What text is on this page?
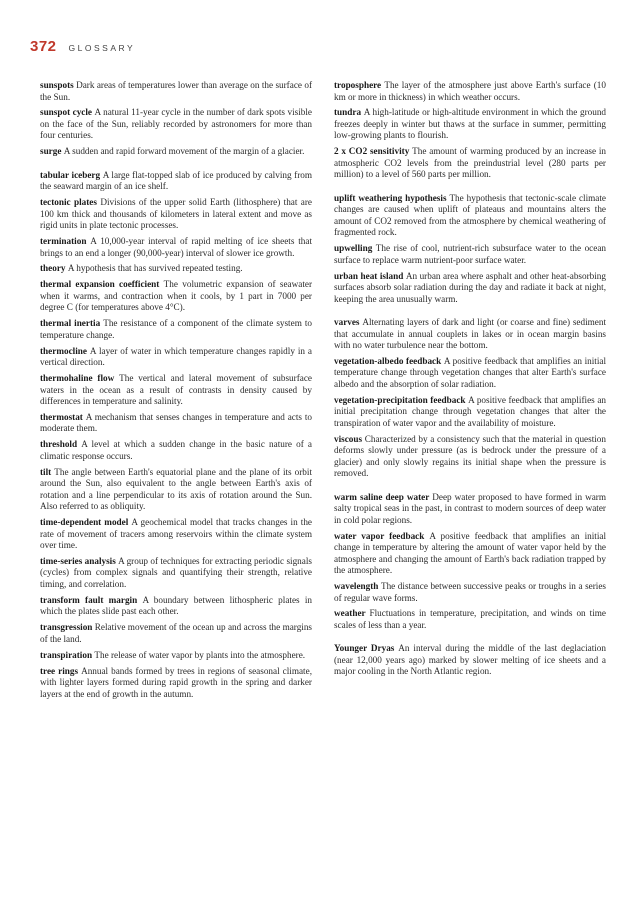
372 GLOSSARY

sunspots Dark areas of temperatures lower than average on the surface of the Sun.

sunspot cycle A natural 11-year cycle in the number of dark spots visible on the face of the Sun, reliably recorded by astronomers for more than four centuries.

surge A sudden and rapid forward movement of the margin of a glacier.

tabular iceberg A large flat-topped slab of ice produced by calving from the seaward margin of an ice shelf.

tectonic plates Divisions of the upper solid Earth (lithosphere) that are 100 km thick and thousands of kilometers in lateral extent and move as rigid units in plate tectonic processes.

termination A 10,000-year interval of rapid melting of ice sheets that brings to an end a longer (90,000-year) interval of slower ice growth.

theory A hypothesis that has survived repeated testing.

thermal expansion coefficient The volumetric expansion of seawater when it warms, and contraction when it cools, by 1 part in 7000 per degree C (for temperatures above 4°C).

thermal inertia The resistance of a component of the climate system to temperature change.

thermocline A layer of water in which temperature changes rapidly in a vertical direction.

thermohaline flow The vertical and lateral movement of subsurface waters in the ocean as a result of contrasts in density caused by differences in temperature and salinity.

thermostat A mechanism that senses changes in temperature and acts to moderate them.

threshold A level at which a sudden change in the basic nature of a climatic response occurs.

tilt The angle between Earth's equatorial plane and the plane of its orbit around the Sun, also equivalent to the angle between Earth's axis of rotation and a line perpendicular to its axis of rotation around the Sun. Also referred to as obliquity.

time-dependent model A geochemical model that tracks changes in the rate of movement of tracers among reservoirs within the climate system over time.

time-series analysis A group of techniques for extracting periodic signals (cycles) from complex signals and quantifying their strength, relative timing, and correlation.

transform fault margin A boundary between lithospheric plates in which the plates slide past each other.

transgression Relative movement of the ocean up and across the margins of the land.

transpiration The release of water vapor by plants into the atmosphere.

tree rings Annual bands formed by trees in regions of seasonal climate, with lighter layers formed during rapid growth in the spring and darker layers at the end of growth in the autumn.

troposphere The layer of the atmosphere just above Earth's surface (10 km or more in thickness) in which weather occurs.

tundra A high-latitude or high-altitude environment in which the ground freezes deeply in winter but thaws at the surface in summer, permitting low-growing plants to flourish.

2 x CO2 sensitivity The amount of warming produced by an increase in atmospheric CO2 levels from the preindustrial level (280 parts per million) to a level of 560 parts per million.

uplift weathering hypothesis The hypothesis that tectonic-scale climate changes are caused when uplift of plateaus and mountains alters the amount of CO2 removed from the atmosphere by chemical weathering of fragmented rock.

upwelling The rise of cool, nutrient-rich subsurface water to the ocean surface to replace warm nutrient-poor surface water.

urban heat island An urban area where asphalt and other heat-absorbing surfaces absorb solar radiation during the day and radiate it back at night, keeping the area unusually warm.

varves Alternating layers of dark and light (or coarse and fine) sediment that accumulate in annual couplets in lakes or in ocean margin basins with no water turbulence near the bottom.

vegetation-albedo feedback A positive feedback that amplifies an initial temperature change through vegetation changes that alter Earth's surface albedo and the absorption of solar radiation.

vegetation-precipitation feedback A positive feedback that amplifies an initial precipitation change through vegetation changes that alter the transpiration of water vapor and the availability of moisture.

viscous Characterized by a consistency such that the material in question deforms slowly under pressure (as is bedrock under the pressure of a glacier) and only slowly regains its initial shape when the pressure is removed.

warm saline deep water Deep water proposed to have formed in warm salty tropical seas in the past, in contrast to modern sources of deep water in cold polar regions.

water vapor feedback A positive feedback that amplifies an initial change in temperature by altering the amount of water vapor held by the atmosphere and changing the amount of Earth's back radiation trapped by the atmosphere.

wavelength The distance between successive peaks or troughs in a series of regular wave forms.

weather Fluctuations in temperature, precipitation, and winds on time scales of less than a year.

Younger Dryas An interval during the middle of the last deglaciation (near 12,000 years ago) marked by slower melting of ice sheets and a major cooling in the North Atlantic region.
